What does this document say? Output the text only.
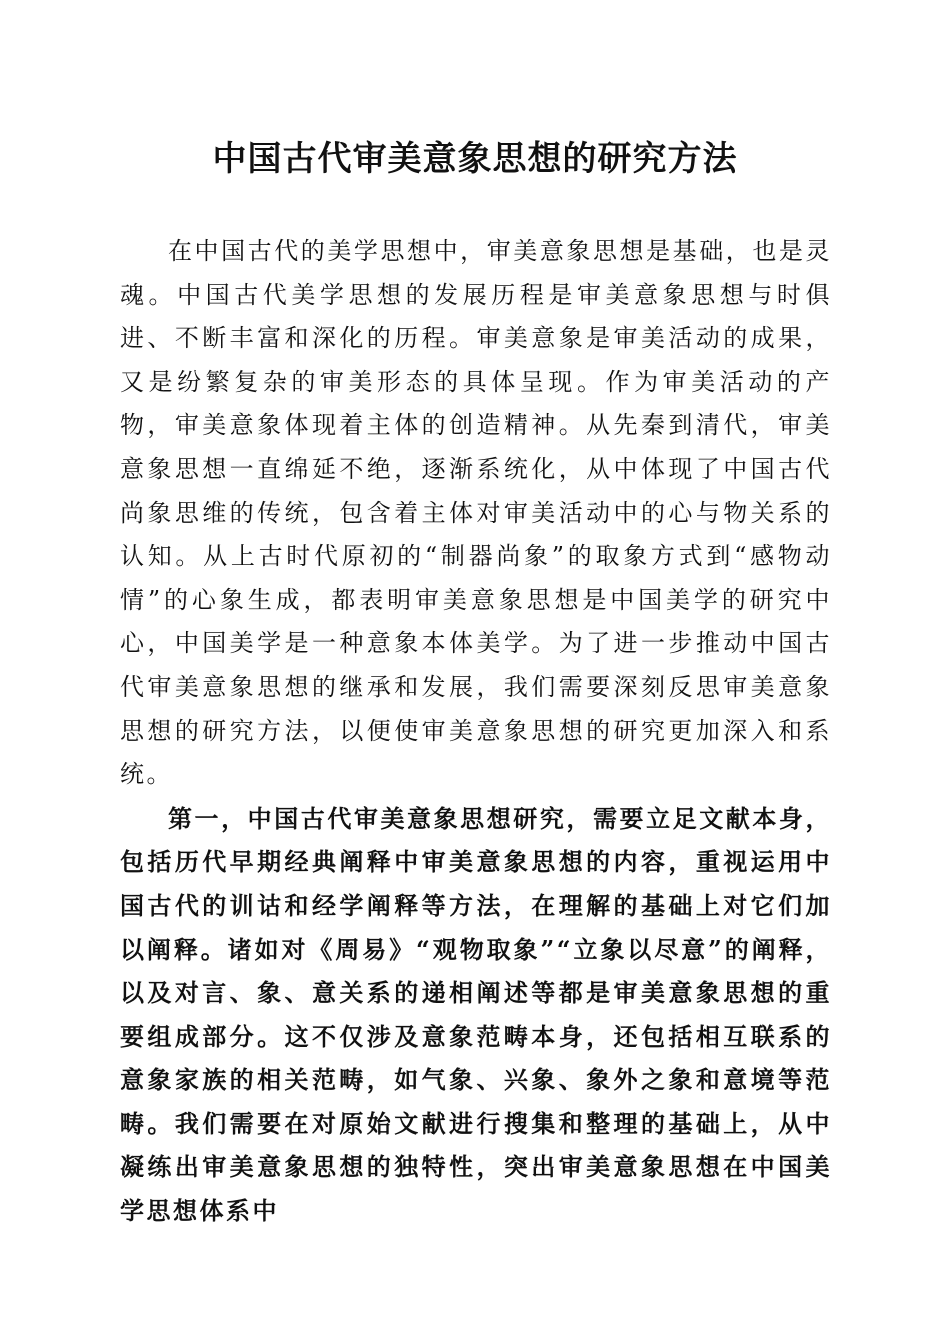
中国古代审美意象思想的研究方法

在中国古代的美学思想中，审美意象思想是基础，也是灵魂。中国古代美学思想的发展历程是审美意象思想与时俱进、不断丰富和深化的历程。审美意象是审美活动的成果，又是纷繁复杂的审美形态的具体呈现。作为审美活动的产物，审美意象体现着主体的创造精神。从先秦到清代，审美意象思想一直绵延不绝，逐渐系统化，从中体现了中国古代尚象思维的传统，包含着主体对审美活动中的心与物关系的认知。从上古时代原初的“制器尚象”的取象方式到“感物动情”的心象生成，都表明审美意象思想是中国美学的研究中心，中国美学是一种意象本体美学。为了进一步推动中国古代审美意象思想的继承和发展，我们需要深刻反思审美意象思想的研究方法，以便使审美意象思想的研究更加深入和系统。

第一，中国古代审美意象思想研究，需要立足文献本身，包括历代早期经典阐释中审美意象思想的内容，重视运用中国古代的训诂和经学阐释等方法，在理解的基础上对它们加以阐释。诸如对《周易》“观物取象”“立象以尽意”的阐释，以及对言、象、意关系的递相阐述等都是审美意象思想的重要组成部分。这不仅涉及意象范畴本身，还包括相互联系的意象家族的相关范畴，如气象、兴象、象外之象和意境等范畴。我们需要在对原始文献进行搜集和整理的基础上，从中凝练出审美意象思想的独特性，突出审美意象思想在中国美学思想体系中
